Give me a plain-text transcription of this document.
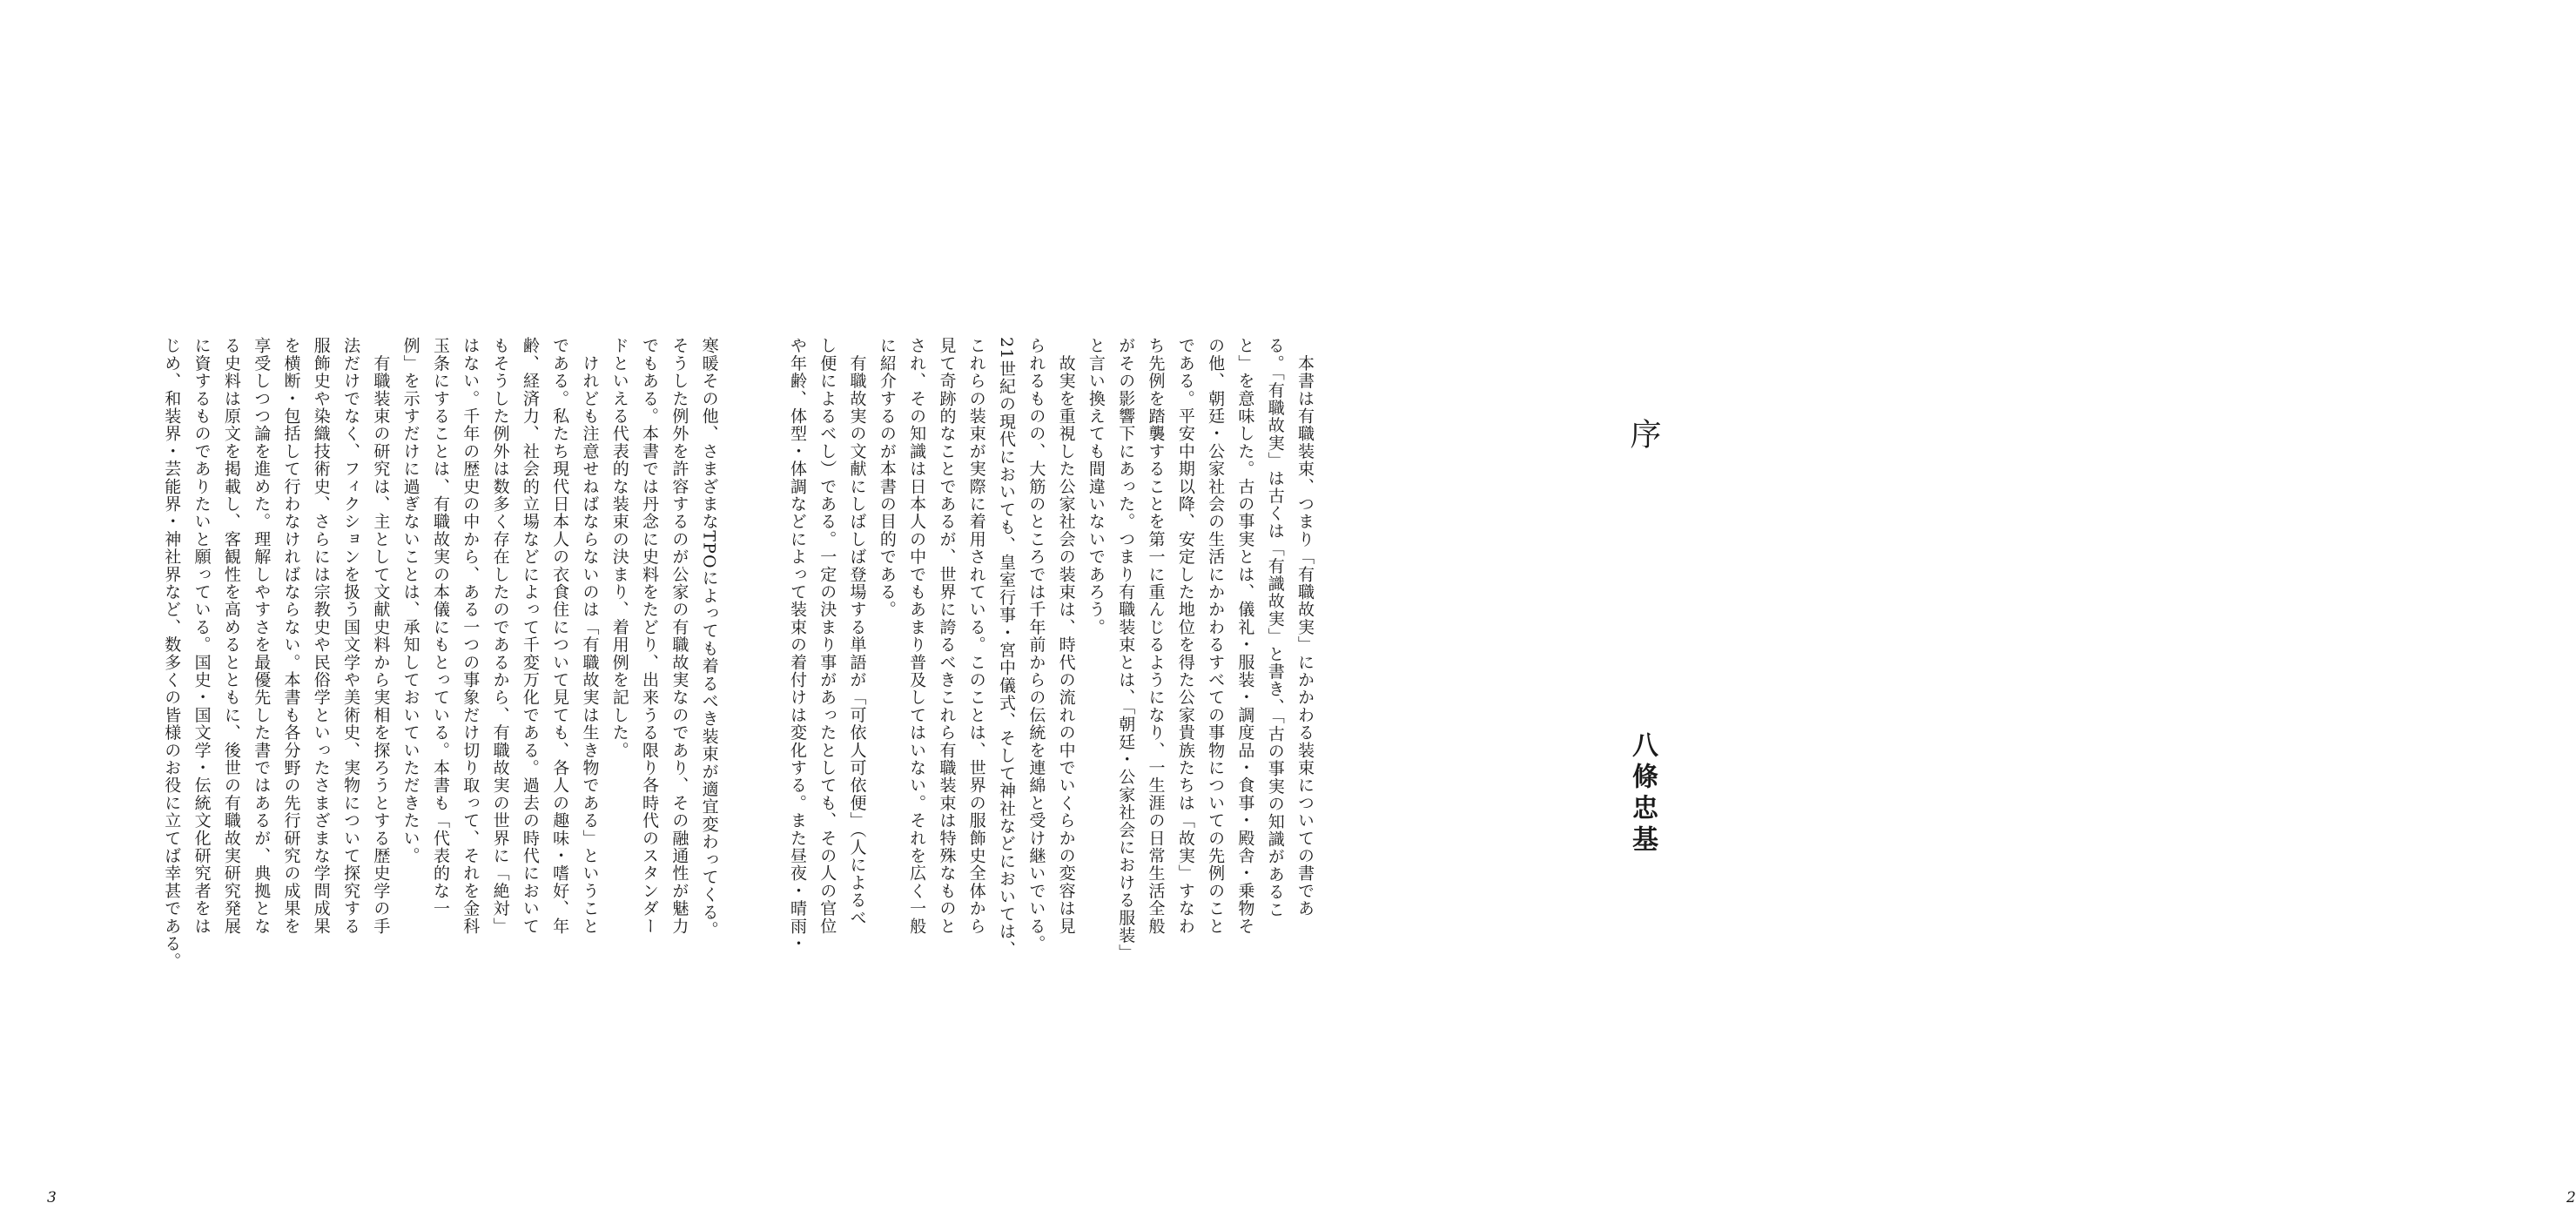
寒暖その他、さまざまなTPOによっても着るべき装束が適宜変わってくる。
そうした例外を許容するのが公家の有職故実なのであり、その融通性が魅力
でもある。本書では丹念に史料をたどり、出来うる限り各時代のスタンダー
ドといえる代表的な装束の決まり、着用例を記した。
　けれども注意せねばならないのは「有職故実は生き物である」ということ
である。私たち現代日本人の衣食住について見ても、各人の趣味・嗜好、年
齢、経済力、社会的立場などによって千変万化である。過去の時代において
もそうした例外は数多く存在したのであるから、有職故実の世界に「絶対」
はない。千年の歴史の中から、ある一つの事象だけ切り取って、それを金科
玉条にすることは、有職故実の本儀にもとっている。本書も「代表的な一
例」を示すだけに過ぎないことは、承知しておいていただきたい。
　有職装束の研究は、主として文献史料から実相を探ろうとする歴史学の手
法だけでなく、フィクションを扱う国文学や美術史、実物について探究する
服飾史や染織技術史、さらには宗教史や民俗学といったさまざまな学問成果
を横断・包括して行わなければならない。本書も各分野の先行研究の成果を
享受しつつ論を進めた。理解しやすさを最優先した書ではあるが、典拠とな
る史料は原文を掲載し、客観性を高めるとともに、後世の有職故実研究発展
に資するものでありたいと願っている。国史・国文学・伝統文化研究者をは
じめ、和装界・芸能界・神社界など、数多くの皆様のお役に立てば幸甚である。
3
序
八條忠基
　本書は有職装束、つまり「有職故実」にかかわる装束についての書であ
る。「有職故実」は古くは「有識故実」と書き、「古の事実の知識があるこ
と」を意味した。古の事実とは、儀礼・服装・調度品・食事・殿舎・乗物そ
の他、朝廷・公家社会の生活にかかわるすべての事物についての先例のこと
である。平安中期以降、安定した地位を得た公家貴族たちは「故実」すなわ
ち先例を踏襲することを第一に重んじるようになり、一生涯の日常生活全般
がその影響下にあった。つまり有職装束とは、「朝廷・公家社会における服装」
と言い換えても間違いないであろう。
　故実を重視した公家社会の装束は、時代の流れの中でいくらかの変容は見
られるものの、大筋のところでは千年前からの伝統を連綿と受け継いでいる。
21世紀の現代においても、皇室行事・宮中儀式、そして神社などにおいては、
これらの装束が実際に着用されている。このことは、世界の服飾史全体から
見て奇跡的なことであるが、世界に誇るべきこれら有職装束は特殊なものと
され、その知識は日本人の中でもあまり普及してはいない。それを広く一般
に紹介するのが本書の目的である。
　有職故実の文献にしばしば登場する単語が「可依人可依便」（人によるべ
し便によるべし）である。一定の決まり事があったとしても、その人の官位
や年齢、体型・体調などによって装束の着付けは変化する。また昼夜・晴雨・
2
